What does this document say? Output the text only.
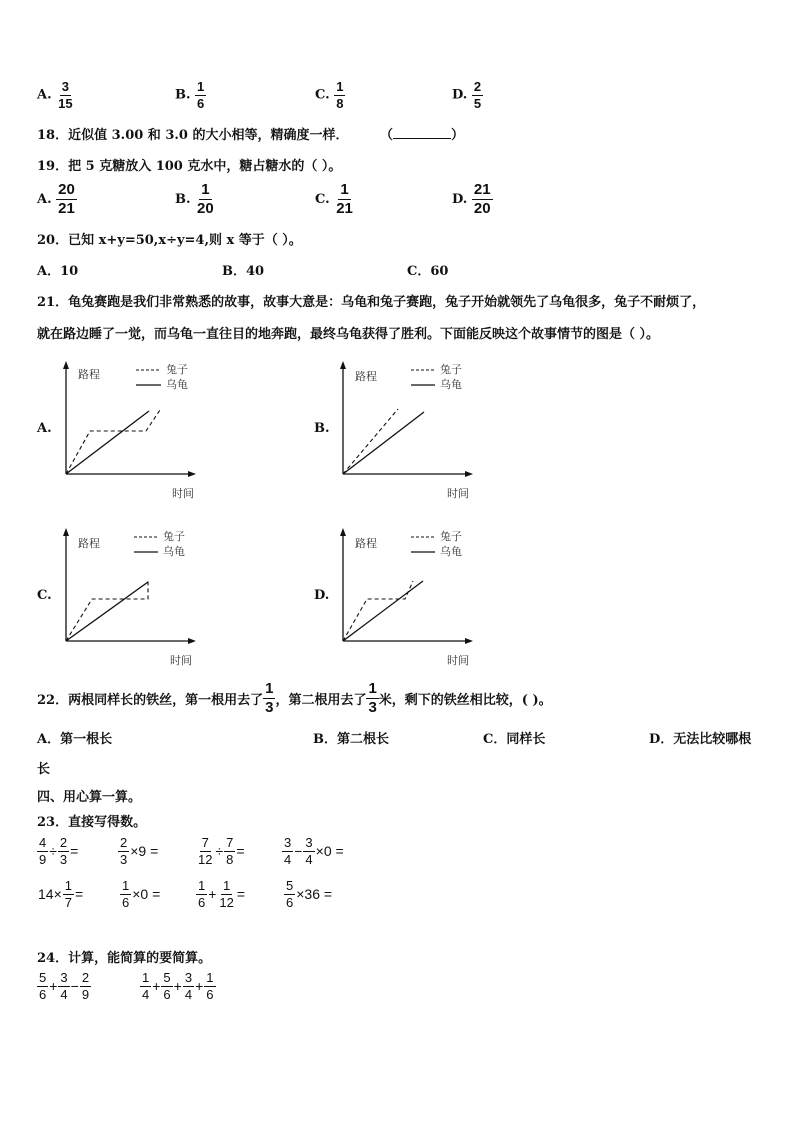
A. $\frac{3}{15}$	B. $\frac{1}{6}$	C. $\frac{1}{8}$	D. $\frac{2}{5}$
18．近似值 3.00 和 3.0 的大小相等，精确度一样． （	）
19．把 5 克糖放入 100 克水中，糖占糖水的（ ）。
A. $\frac{20}{21}$	B. $\frac{1}{20}$	C. $\frac{1}{21}$	D. $\frac{21}{20}$
20．已知 x+y=50,x÷y=4,则 x 等于（ ）。
A．10	B．40	C．60
21．龟兔赛跑是我们非常熟悉的故事，故事大意是：乌龟和兔子赛跑，兔子开始就领先了乌龟很多，兔子不耐烦了，
就在路边睡了一觉，而乌龟一直往目的地奔跑，最终乌龟获得了胜利。下面能反映这个故事情节的图是（ ）。
A.
路程
时间
兔子
乌龟
B.
路程
时间
兔子
乌龟
C.
路程
时间
兔子
乌龟
D.
路程
时间
兔子
乌龟
22．两根同样长的铁丝，第一根用去了 $\frac{1}{3}$ ，第二根用去了 $\frac{1}{3}$ 米，剩下的铁丝相比较，( )。
A．第一根长	B．第二根长	C．同样长	D．无法比较哪根
长
四、用心算一算。
23．直接写得数。
$\frac{4}{9} \div \frac{2}{3}$ =	$\frac{2}{3} \times 9$ =	$\frac{7}{12} \div \frac{7}{8}$ =	$\frac{3}{4} - \frac{3}{4} \times 0$ =
$14\times \frac{1}{7}$ =	$\frac{1}{6} \times 0$ =	$\frac{1}{6} + \frac{1}{12}$ =	$\frac{5}{6} \times 36$ =
24．计算，能简算的要简算。
$\frac{5}{6} + \frac{3}{4} - \frac{2}{9}$	$\frac{1}{4} + \frac{5}{6} + \frac{3}{4} + \frac{1}{6}$
